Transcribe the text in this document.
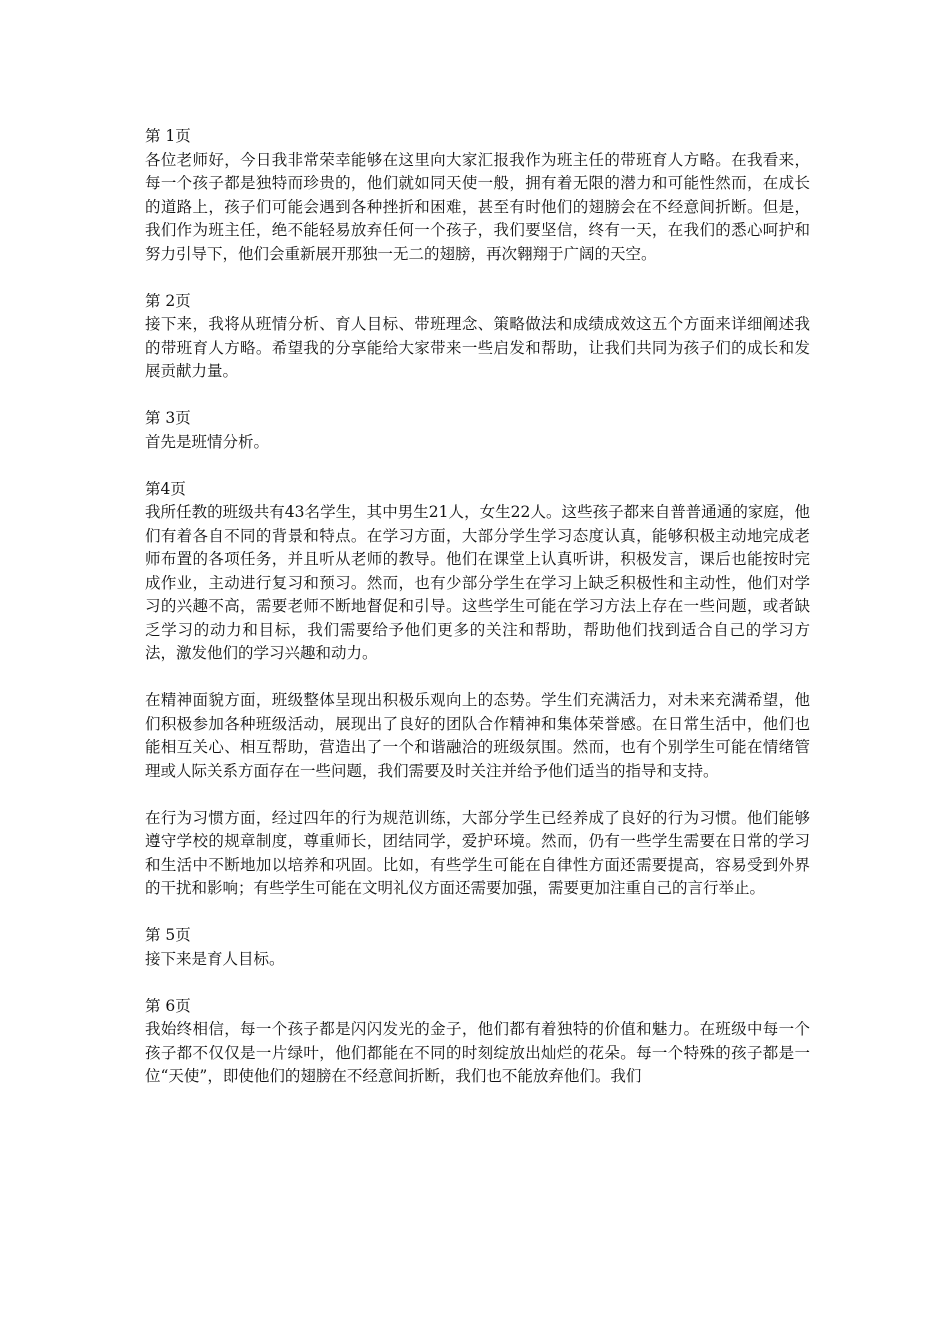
第 1页

各位老师好，今日我非常荣幸能够在这里向大家汇报我作为班主任的带班育人方略。在我看来，每一个孩子都是独特而珍贵的，他们就如同天使一般，拥有着无限的潜力和可能性然而，在成长的道路上，孩子们可能会遇到各种挫折和困难，甚至有时他们的翅膀会在不经意间折断。但是，我们作为班主任，绝不能轻易放弃任何一个孩子，我们要坚信，终有一天，在我们的悉心呵护和努力引导下，他们会重新展开那独一无二的翅膀，再次翱翔于广阔的天空。

第 2页

接下来，我将从班情分析、育人目标、带班理念、策略做法和成绩成效这五个方面来详细阐述我的带班育人方略。希望我的分享能给大家带来一些启发和帮助，让我们共同为孩子们的成长和发展贡献力量。

第 3页

首先是班情分析。

第4页

我所任教的班级共有43名学生，其中男生21人，女生22人。这些孩子都来自普普通通的家庭，他们有着各自不同的背景和特点。在学习方面，大部分学生学习态度认真，能够积极主动地完成老师布置的各项任务，并且听从老师的教导。他们在课堂上认真听讲，积极发言，课后也能按时完成作业，主动进行复习和预习。然而，也有少部分学生在学习上缺乏积极性和主动性，他们对学习的兴趣不高，需要老师不断地督促和引导。这些学生可能在学习方法上存在一些问题，或者缺乏学习的动力和目标，我们需要给予他们更多的关注和帮助，帮助他们找到适合自己的学习方法，激发他们的学习兴趣和动力。

在精神面貌方面，班级整体呈现出积极乐观向上的态势。学生们充满活力，对未来充满希望，他们积极参加各种班级活动，展现出了良好的团队合作精神和集体荣誉感。在日常生活中，他们也能相互关心、相互帮助，营造出了一个和谐融洽的班级氛围。然而，也有个别学生可能在情绪管理或人际关系方面存在一些问题，我们需要及时关注并给予他们适当的指导和支持。

在行为习惯方面，经过四年的行为规范训练，大部分学生已经养成了良好的行为习惯。他们能够遵守学校的规章制度，尊重师长，团结同学，爱护环境。然而，仍有一些学生需要在日常的学习和生活中不断地加以培养和巩固。比如，有些学生可能在自律性方面还需要提高，容易受到外界的干扰和影响；有些学生可能在文明礼仪方面还需要加强，需要更加注重自己的言行举止。

第 5页

接下来是育人目标。

第 6页

我始终相信，每一个孩子都是闪闪发光的金子，他们都有着独特的价值和魅力。在班级中每一个孩子都不仅仅是一片绿叶，他们都能在不同的时刻绽放出灿烂的花朵。每一个特殊的孩子都是一位“天使”，即使他们的翅膀在不经意间折断，我们也不能放弃他们。我们
